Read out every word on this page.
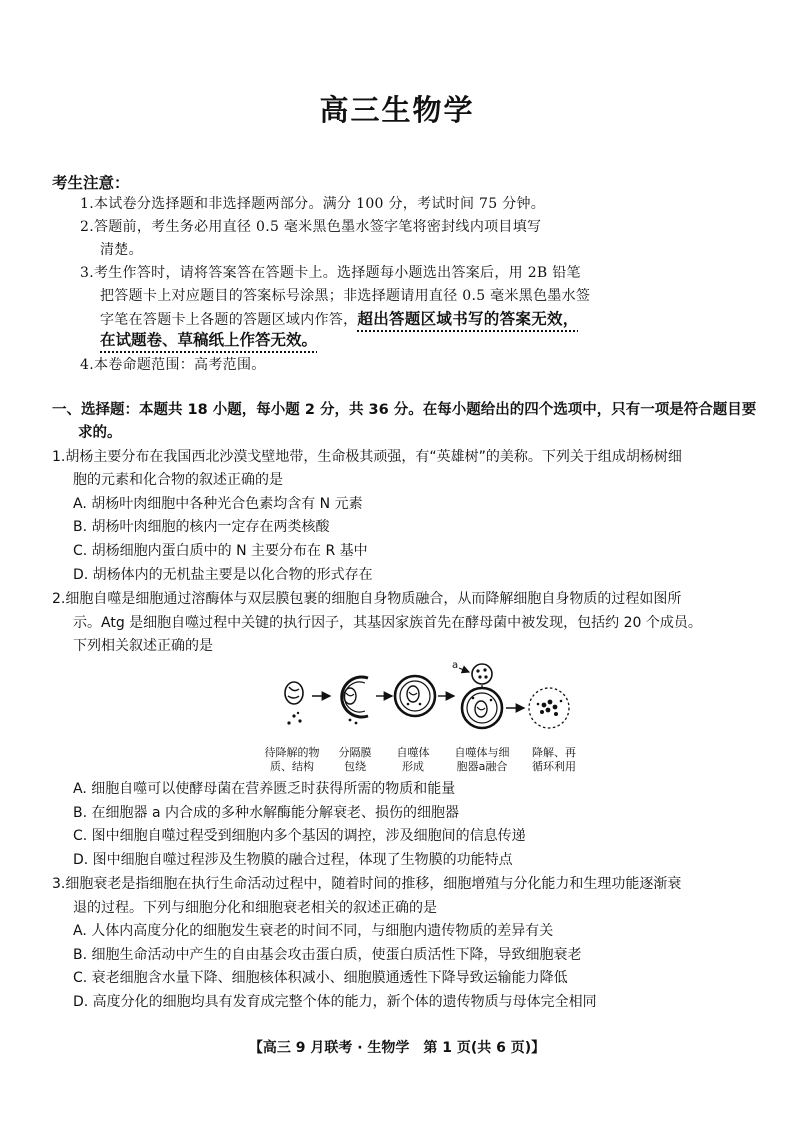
高三生物学
考生注意：
1.本试卷分选择题和非选择题两部分。满分 100 分，考试时间 75 分钟。
2.答题前，考生务必用直径 0.5 毫米黑色墨水签字笔将密封线内项目填写
清楚。
3.考生作答时，请将答案答在答题卡上。选择题每小题选出答案后，用 2B 铅笔
把答题卡上对应题目的答案标号涂黑；非选择题请用直径 0.5 毫米黑色墨水签
字笔在答题卡上各题的答题区域内作答，超出答题区域书写的答案无效，
在试题卷、草稿纸上作答无效。
4.本卷命题范围：高考范围。
一、选择题：本题共 18 小题，每小题 2 分，共 36 分。在每小题给出的四个选项中，只有一项是符合题目要
求的。
1.胡杨主要分布在我国西北沙漠戈壁地带，生命极其顽强，有“英雄树”的美称。下列关于组成胡杨树细
胞的元素和化合物的叙述正确的是
A. 胡杨叶肉细胞中各种光合色素均含有 N 元素
B. 胡杨叶肉细胞的核内一定存在两类核酸
C. 胡杨细胞内蛋白质中的 N 主要分布在 R 基中
D. 胡杨体内的无机盐主要是以化合物的形式存在
2.细胞自噬是细胞通过溶酶体与双层膜包裹的细胞自身物质融合，从而降解细胞自身物质的过程如图所
示。Atg 是细胞自噬过程中关键的执行因子，其基因家族首先在酵母菌中被发现，包括约 20 个成员。
下列相关叙述正确的是
a
待降解的物
质、结构
分隔膜
包绕
自噬体
形成
自噬体与细
胞器a融合
降解、再
循环利用
A. 细胞自噬可以使酵母菌在营养匮乏时获得所需的物质和能量
B. 在细胞器 a 内合成的多种水解酶能分解衰老、损伤的细胞器
C. 图中细胞自噬过程受到细胞内多个基因的调控，涉及细胞间的信息传递
D. 图中细胞自噬过程涉及生物膜的融合过程，体现了生物膜的功能特点
3.细胞衰老是指细胞在执行生命活动过程中，随着时间的推移，细胞增殖与分化能力和生理功能逐渐衰
退的过程。下列与细胞分化和细胞衰老相关的叙述正确的是
A. 人体内高度分化的细胞发生衰老的时间不同，与细胞内遗传物质的差异有关
B. 细胞生命活动中产生的自由基会攻击蛋白质，使蛋白质活性下降，导致细胞衰老
C. 衰老细胞含水量下降、细胞核体积减小、细胞膜通透性下降导致运输能力降低
D. 高度分化的细胞均具有发育成完整个体的能力，新个体的遗传物质与母体完全相同
【高三 9 月联考 · 生物学　第 1 页(共 6 页)】
